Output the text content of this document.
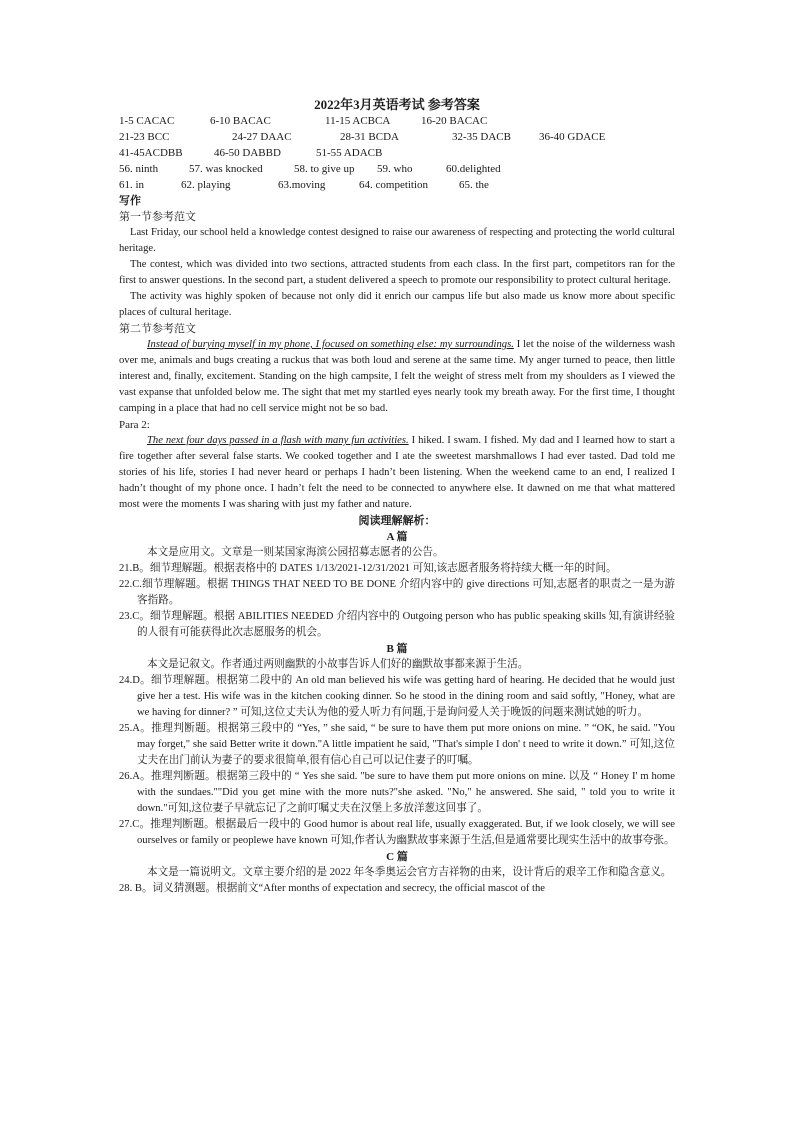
2022年3月英语考试 参考答案
1-5 CACAC	6-10 BACAC	11-15 ACBCA	16-20 BACAC
21-23 BCC	24-27 DAAC	28-31 BCDA	32-35 DACB	36-40 GDACE
41-45ACDBB	46-50 DABBD	51-55 ADACB
56. ninth	57. was knocked	58. to give up 59. who	60.delighted
61. in	62. playing	63.moving	64. competition	65. the
写作
第一节参考范文

Last Friday, our school held a knowledge contest designed to raise our awareness of respecting and protecting the world cultural heritage.

The contest, which was divided into two sections, attracted students from each class. In the first part, competitors ran for the first to answer questions. In the second part, a student delivered a speech to promote our responsibility to protect cultural heritage.

The activity was highly spoken of because not only did it enrich our campus life but also made us know more about specific places of cultural heritage.

第二节参考范文

Instead of burying myself in my phone, I focused on something else: my surroundings. I let the noise of the wilderness wash over me, animals and bugs creating a ruckus that was both loud and serene at the same time. My anger turned to peace, then little interest and, finally, excitement. Standing on the high campsite, I felt the weight of stress melt from my shoulders as I viewed the vast expanse that unfolded below me. The sight that met my startled eyes nearly took my breath away. For the first time, I thought camping in a place that had no cell service might not be so bad.

Para 2:

The next four days passed in a flash with many fun activities. I hiked. I swam. I fished. My dad and I learned how to start a fire together after several false starts. We cooked together and I ate the sweetest marshmallows I had ever tasted. Dad told me stories of his life, stories I had never heard or perhaps I hadn’t been listening. When the weekend came to an end, I realized I hadn’t thought of my phone once. I hadn’t felt the need to be connected to anywhere else. It dawned on me that what mattered most were the moments I was sharing with just my father and nature.

阅读理解解析：
A 篇

本文是应用文。文章是一则某国家海滨公园招募志愿者的公告。

21.B。细节理解题。根据表格中的 DATES 1/13/2021-12/31/2021 可知,该志愿者服务将持续大概一年的时间。

22.C.细节理解题。根据 THINGS THAT NEED TO BE DONE 介绍内容中的 give directions 可知,志愿者的职责之一是为游客指路。

23.C。细节理解题。根据 ABILITIES NEEDED 介绍内容中的 Outgoing person who has public speaking skills 知,有演讲经验的人很有可能获得此次志愿服务的机会。

B 篇

本文是记叙文。作者通过两则幽默的小故事告诉人们好的幽默故事都来源于生活。

24.D。细节理解题。根据第二段中的 An old man believed his wife was getting hard of hearing. He decided that he would just give her a test. His wife was in the kitchen cooking dinner. So he stood in the dining room and said softly, "Honey, what are we having for dinner? ” 可知,这位丈夫认为他的爱人听力有问题,于是询问爱人关于晚饭的问题来测试她的听力。

25.A。推理判断题。根据第三段中的 “Yes, ” she said, “ be sure to have them put more onions on mine. ” “OK, he said. "You may forget," she said Better write it down."A little impatient he said, "That's simple I don' t need to write it down.” 可知,这位丈夫在出门前认为妻子的要求很简单,很有信心自己可以记住妻子的叮嘱。

26.A。推理判断题。根据第三段中的 “ Yes she said. "be sure to have them put more onions on mine. 以及 “ Honey I' m home with the sundaes.""Did you get mine with the more nuts?"she asked. "No," he answered. She said, " told you to write it down."可知,这位妻子早就忘记了之前叮嘱丈夫在汉堡上多放洋葱这回事了。

27.C。推理判断题。根据最后一段中的 Good humor is about real life, usually exaggerated. But, if we look closely, we will see ourselves or family or peoplewe have known 可知,作者认为幽默故事来源于生活,但是通常要比现实生活中的故事夸张。

C 篇

本文是一篇说明文。文章主要介绍的是 2022 年冬季奥运会官方吉祥物的由来，设计背后的艰辛工作和隐含意义。

28. B。词义猜测题。根据前文“After months of expectation and secrecy, the official mascot of the
